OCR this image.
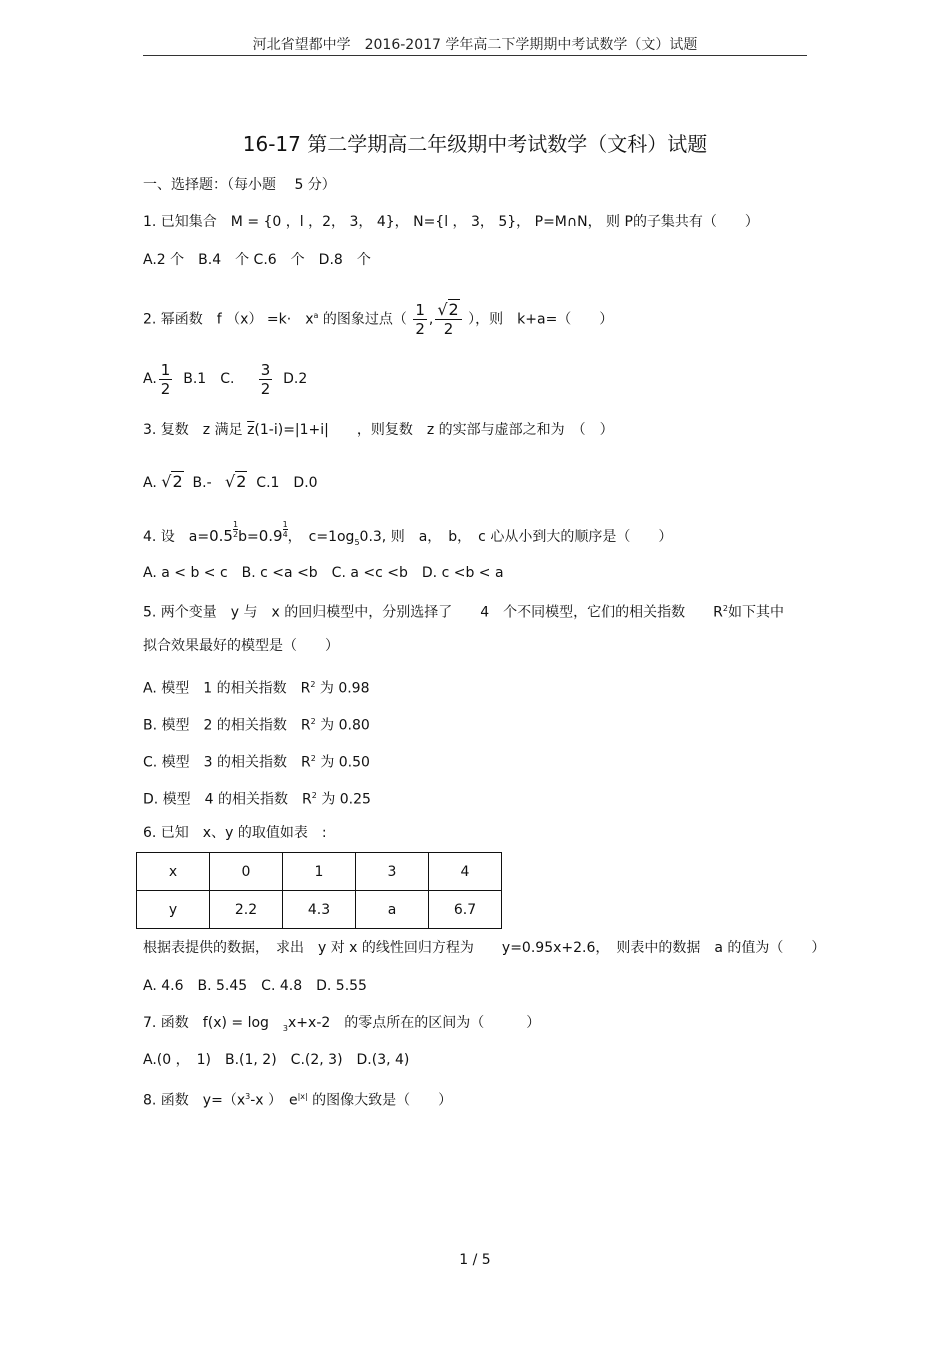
河北省望都中学　2016-2017 学年高二下学期期中考试数学（文）试题
16-17 第二学期高二年级期中考试数学（文科）试题
一、选择题：（每小题　 5 分）
1. 已知集合　M = {0 ，l ，2， 3， 4}， N={l ， 3， 5}， P=M∩N， 则 P的子集共有（　　）
A.2 个　B.4　个 C.6　个　D.8　个
2. 幂函数　f （x） =k·　$x^a$ 的图象过点（ $\frac{1}{2}$ , $\frac{√2}{2}$ ），则　k+a=（　　）
A. $\frac{1}{2} B.1$　C. $\frac{3}{2} D.2$
3. 复数　z 满足 $\overline{z}(1-i)=|1+i|$　　，则复数　z 的实部与虚部之和为　（　）
A. √2 B.- √2 C.1　D.0
4. 设　$a=0.5 \frac{1}{2} b=0.9 \frac{1}{4}$ ，　$c=1og_50.3$, 则　a，　b，　c 心从小到大的顺序是（　　）
A. a < b < c　B. c <a <b　C. a <c <b　D. c <b < a
5. 两个变量　y 与　x 的回归模型中，分别选择了　　4　个不同模型，它们的相关指数　　$R^2$如下其中
拟合效果最好的模型是（　　）
A. 模型　1 的相关指数　$R^2$ 为 0.98
B. 模型　2 的相关指数　$R^2$ 为 0.80
C. 模型　3 的相关指数　$R^2$ 为 0.50
D. 模型　4 的相关指数　$R^2$ 为 0.25
6. 已知　x、y 的取值如表　:
x	0	1	3	4
y	2.2	4.3	a	6.7
根据表提供的数据，　求出　y 对 x 的线性回归方程为　　y=0.95x+2.6，　则表中的数据　a 的值为（　　）
A. 4.6　B. 5.45　C. 4.8　D. 5.55
7. 函数　f(x) = log　$_3$x+x-2　的零点所在的区间为（　　　）
A.(0 ，　1)　B.(1, 2)　C.(2, 3)　D.(3, 4)
8. 函数　$y=(x^3-x$ ）　$e^{|x|}$ 的图像大致是（　　）
1 / 5
